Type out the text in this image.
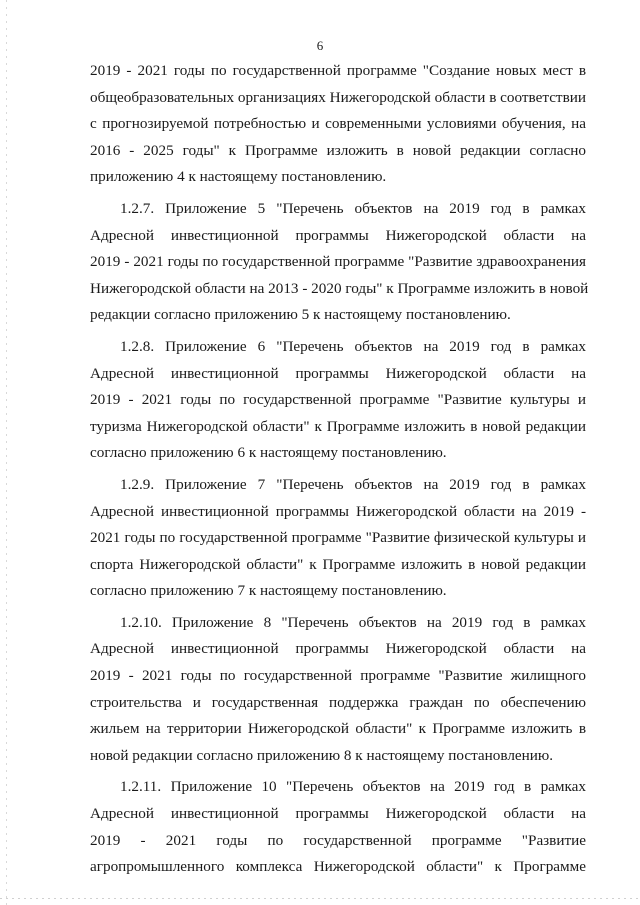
6
2019 - 2021 годы по государственной программе "Создание новых мест в
общеобразовательных организациях Нижегородской области в соответствии
с прогнозируемой потребностью и современными условиями обучения, на
2016 - 2025 годы" к Программе изложить в новой редакции согласно
приложению 4 к настоящему постановлению.
1.2.7. Приложение 5 "Перечень объектов на 2019 год в рамках
Адресной инвестиционной программы Нижегородской области на
2019 - 2021 годы по государственной программе "Развитие здравоохранения
Нижегородской области на 2013 - 2020 годы" к Программе изложить в новой
редакции согласно приложению 5 к настоящему постановлению.
1.2.8. Приложение 6 "Перечень объектов на 2019 год в рамках
Адресной инвестиционной программы Нижегородской области на
2019 - 2021 годы по государственной программе "Развитие культуры и
туризма Нижегородской области" к Программе изложить в новой редакции
согласно приложению 6 к настоящему постановлению.
1.2.9. Приложение 7 "Перечень объектов на 2019 год в рамках
Адресной инвестиционной программы Нижегородской области на 2019 -
2021 годы по государственной программе "Развитие физической культуры и
спорта Нижегородской области" к Программе изложить в новой редакции
согласно приложению 7 к настоящему постановлению.
1.2.10. Приложение 8 "Перечень объектов на 2019 год в рамках
Адресной инвестиционной программы Нижегородской области на
2019 - 2021 годы по государственной программе "Развитие жилищного
строительства и государственная поддержка граждан по обеспечению
жильем на территории Нижегородской области" к Программе изложить в
новой редакции согласно приложению 8 к настоящему постановлению.
1.2.11. Приложение 10 "Перечень объектов на 2019 год в рамках
Адресной инвестиционной программы Нижегородской области на
2019 - 2021 годы по государственной программе "Развитие
агропромышленного комплекса Нижегородской области" к Программе
